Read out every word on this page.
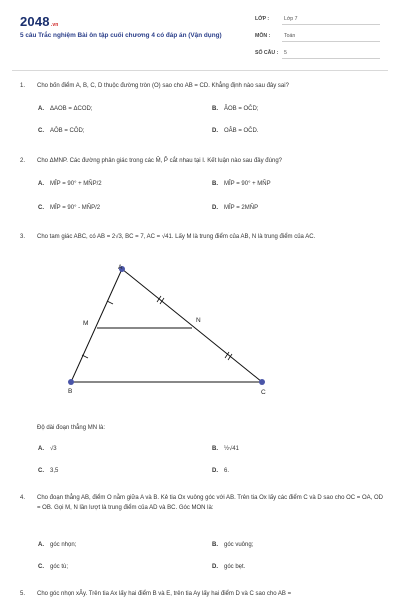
2048.vn
5 câu Trắc nghiệm Bài ôn tập cuối chương 4 có đáp án (Vận dụng)
LỚP :	Lớp 7
MÔN :	Toán
SỐ CÂU :	5
1.	Cho bốn điểm A, B, C, D thuộc đường tròn (O) sao cho AB = CD. Khẳng định nào sau đây sai?
A. ΔAOB = ΔCOD;	B. ÂOB = OĈD;
C. AÔB = CÔD;	D. OÂB = OĈD.
2.	Cho ΔMNP. Các đường phân giác trong các M̂, P̂ cắt nhau tại I. Kết luận nào sau đây đúng?
A. MÎP = 90° + MÑP/2	B. MÎP = 90° + MÑP
C. MÎP = 90° - MÑP/2	D. MÎP = 2MÑP
3.	Cho tam giác ABC, có AB = 2√3, BC = 7, AC = √41. Lấy M là trung điểm của AB, N là trung điểm của AC.
A
B	C
M	N
Độ dài đoạn thẳng MN là:
A. √3	B. ½√41
C. 3,5	D. 6.
4.	Cho đoạn thẳng AB, điểm O nằm giữa A và B. Kẻ tia Ox vuông góc với AB. Trên tia Ox lấy các điểm C và D sao cho OC = OA, OD = OB. Gọi M, N lần lượt là trung điểm của AD và BC. Góc MON là:
A. góc nhọn;	B. góc vuông;
C. góc tù;	D. góc bẹt.
5.	Cho góc nhọn xÂy. Trên tia Ax lấy hai điểm B và E, trên tia Ay lấy hai điểm D và C sao cho AB =
